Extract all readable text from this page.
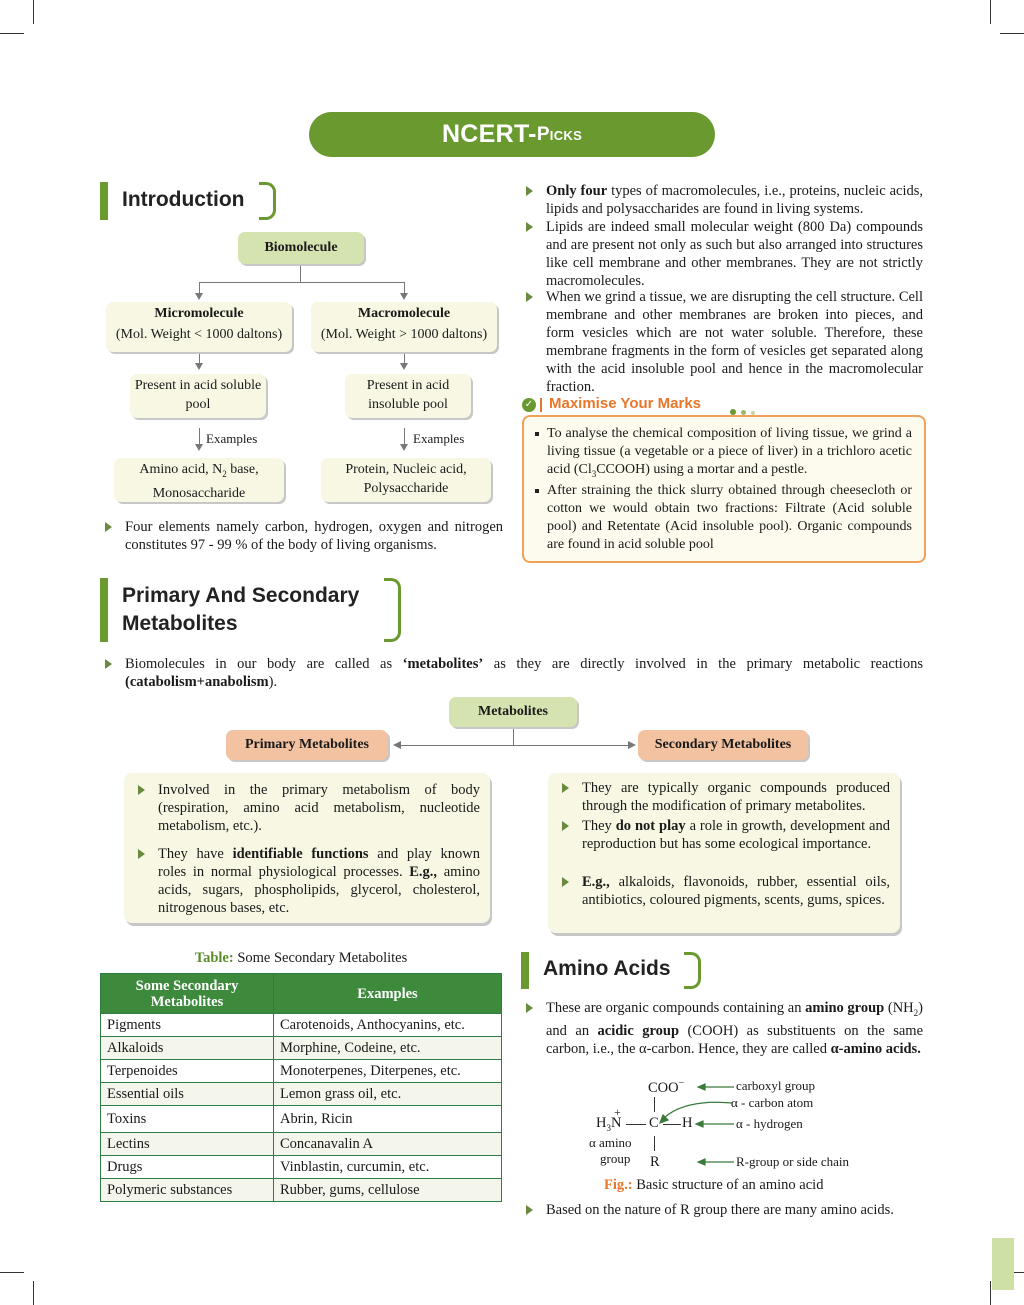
NCERT- Picks
Introduction
Biomolecule
Micromolecule
(Mol. Weight < 1000 daltons)
Macromolecule
(Mol. Weight > 1000 daltons)
Present in acid soluble pool
Present in acid insoluble pool
Examples	Examples
Amino acid, $N_2$ base,
Monosaccharide
Protein, Nucleic acid,
Polysaccharide
Four elements namely carbon, hydrogen, oxygen and nitrogen constitutes 97 - 99 % of the body of living organisms.
Only four types of macromolecules, i.e., proteins, nucleic acids, lipids and polysaccharides are found in living systems.
Lipids are indeed small molecular weight (800 Da) compounds and are present not only as such but also arranged into structures like cell membrane and other membranes. They are not strictly macromolecules.
When we grind a tissue, we are disrupting the cell structure. Cell membrane and other membranes are broken into pieces, and form vesicles which are not water soluble. Therefore, these membrane fragments in the form of vesicles get separated along with the acid insoluble pool and hence in the macromolecular fraction.
✓ Maximise Your Marks
To analyse the chemical composition of living tissue, we grind a living tissue (a vegetable or a piece of liver) in a trichloro acetic acid $(Cl_3CCOOH)$ using a mortar and a pestle.
After straining the thick slurry obtained through cheesecloth or cotton we would obtain two fractions: Filtrate (Acid soluble pool) and Retentate (Acid insoluble pool). Organic compounds are found in acid soluble pool
Primary And Secondary
Metabolites
Biomolecules in our body are called as ‘metabolites’ as they are directly involved in the primary metabolic reactions (catabolism+anabolism).
Metabolites
Primary Metabolites	Secondary Metabolites
Involved in the primary metabolism of body (respiration, amino acid metabolism, nucleotide metabolism, etc.).
They have identifiable functions and play known roles in normal physiological processes. E.g., amino acids, sugars, phospholipids, glycerol, cholesterol, nitrogenous bases, etc.
They are typically organic compounds produced through the modification of primary metabolites.
They do not play a role in growth, development and reproduction but has some ecological importance.
E.g., alkaloids, flavonoids, rubber, essential oils, antibiotics, coloured pigments, scents, gums, spices.
Table: Some Secondary Metabolites
Some Secondary Metabolites	Examples
Pigments	Carotenoids, Anthocyanins, etc.
Alkaloids	Morphine, Codeine, etc.
Terpenoides	Monoterpenes, Diterpenes, etc.
Essential oils	Lemon grass oil, etc.
Toxins	Abrin, Ricin
Lectins	Concanavalin A
Drugs	Vinblastin, curcumin, etc.
Polymeric substances	Rubber, gums, cellulose
Amino Acids
These are organic compounds containing an amino group $(NH_2)$ and an acidic group (COOH) as substituents on the same carbon, i.e., the α-carbon. Hence, they are called α-amino acids.
COO−
$H_3N$
+
C H
R
α amino
group
carboxyl group
α - carbon atom
α - hydrogen
R-group or side chain
Fig.: Basic structure of an amino acid
Based on the nature of R group there are many amino acids.
